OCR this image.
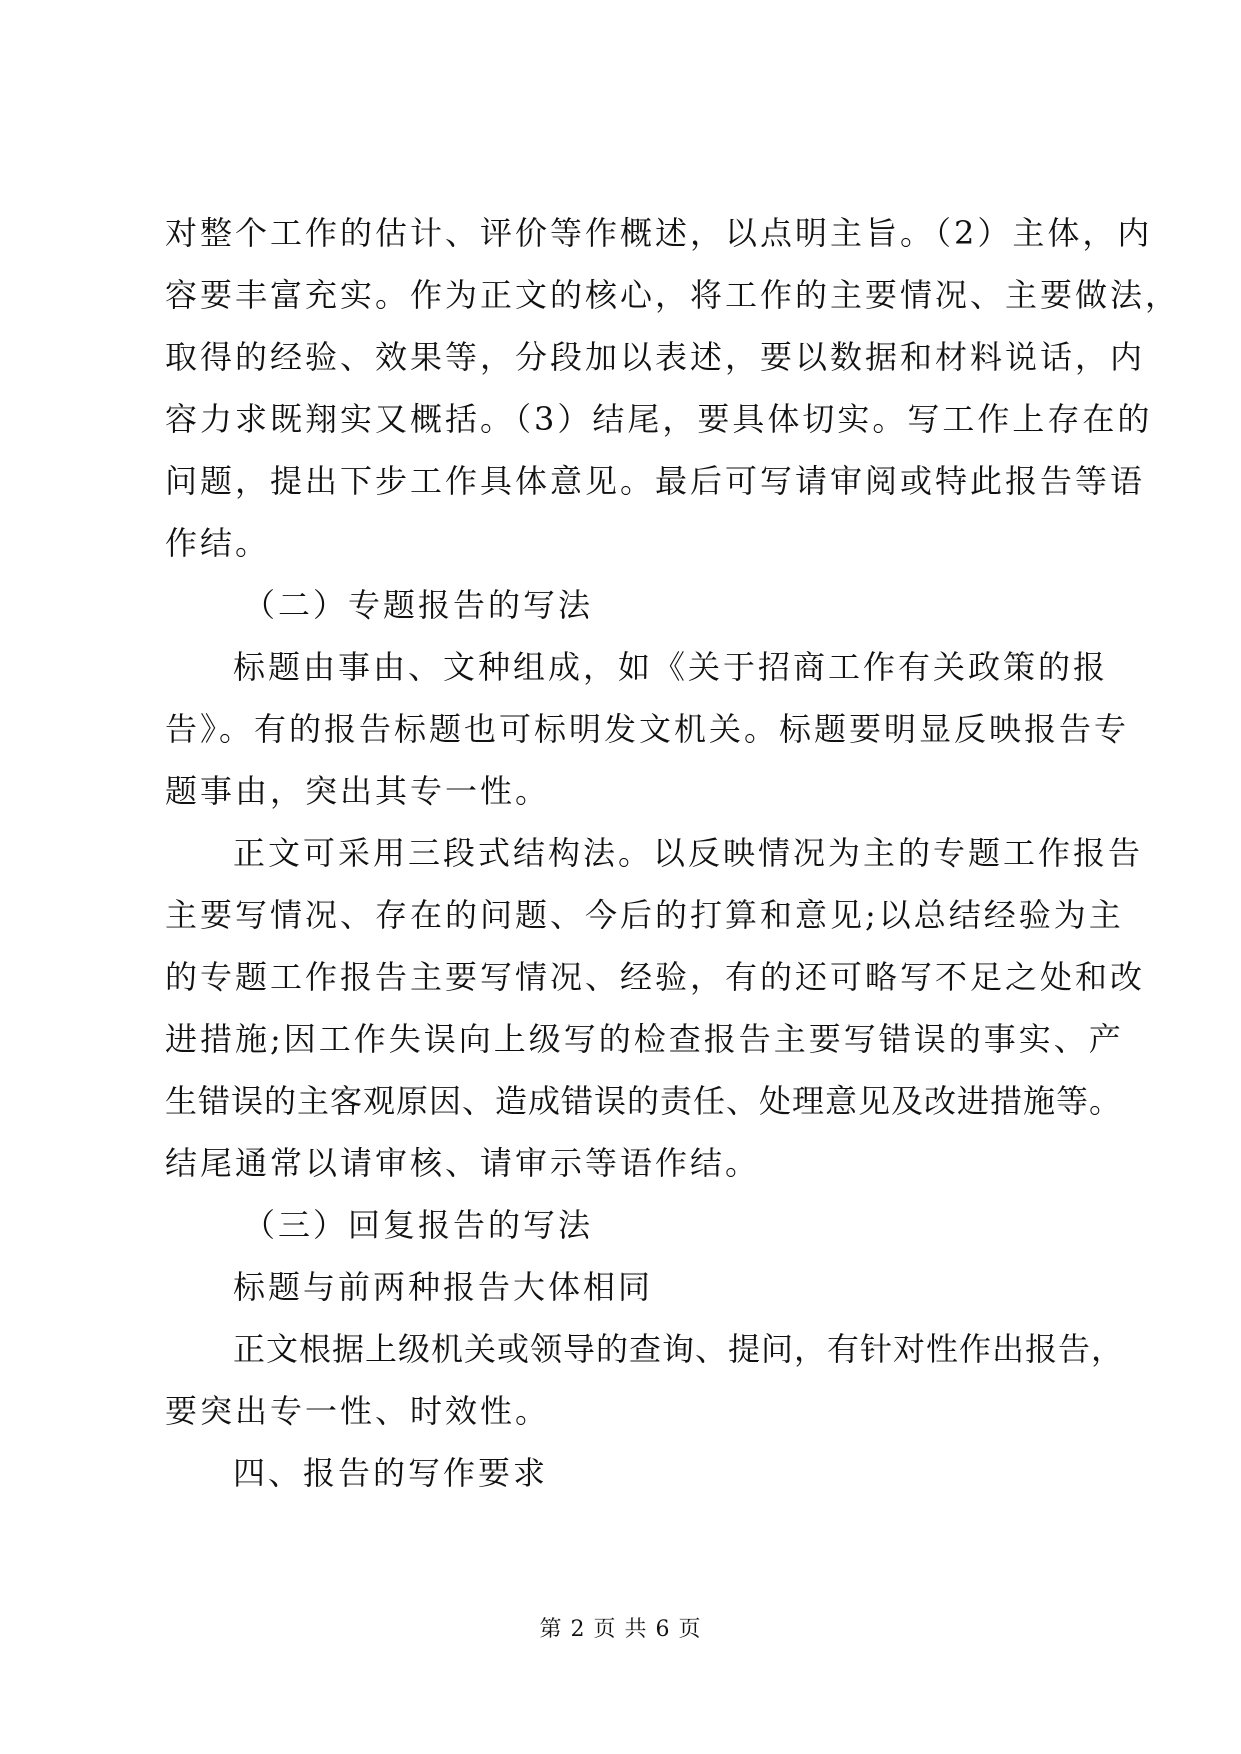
对整个工作的估计、评价等作概述，以点明主旨。（2）主体，内
容要丰富充实。作为正文的核心，将工作的主要情况、主要做法，
取得的经验、效果等，分段加以表述，要以数据和材料说话，内
容力求既翔实又概括。（3）结尾，要具体切实。写工作上存在的
问题，提出下步工作具体意见。最后可写请审阅或特此报告等语
作结。
（二）专题报告的写法
标题由事由、文种组成，如《关于招商工作有关政策的报
告》。有的报告标题也可标明发文机关。标题要明显反映报告专
题事由，突出其专一性。
正文可采用三段式结构法。以反映情况为主的专题工作报告
主要写情况、存在的问题、今后的打算和意见;以总结经验为主
的专题工作报告主要写情况、经验，有的还可略写不足之处和改
进措施;因工作失误向上级写的检查报告主要写错误的事实、产
生错误的主客观原因、造成错误的责任、处理意见及改进措施等。
结尾通常以请审核、请审示等语作结。
（三）回复报告的写法
标题与前两种报告大体相同
正文根据上级机关或领导的查询、提问，有针对性作出报告，
要突出专一性、时效性。
四、报告的写作要求
第 2 页 共 6 页
